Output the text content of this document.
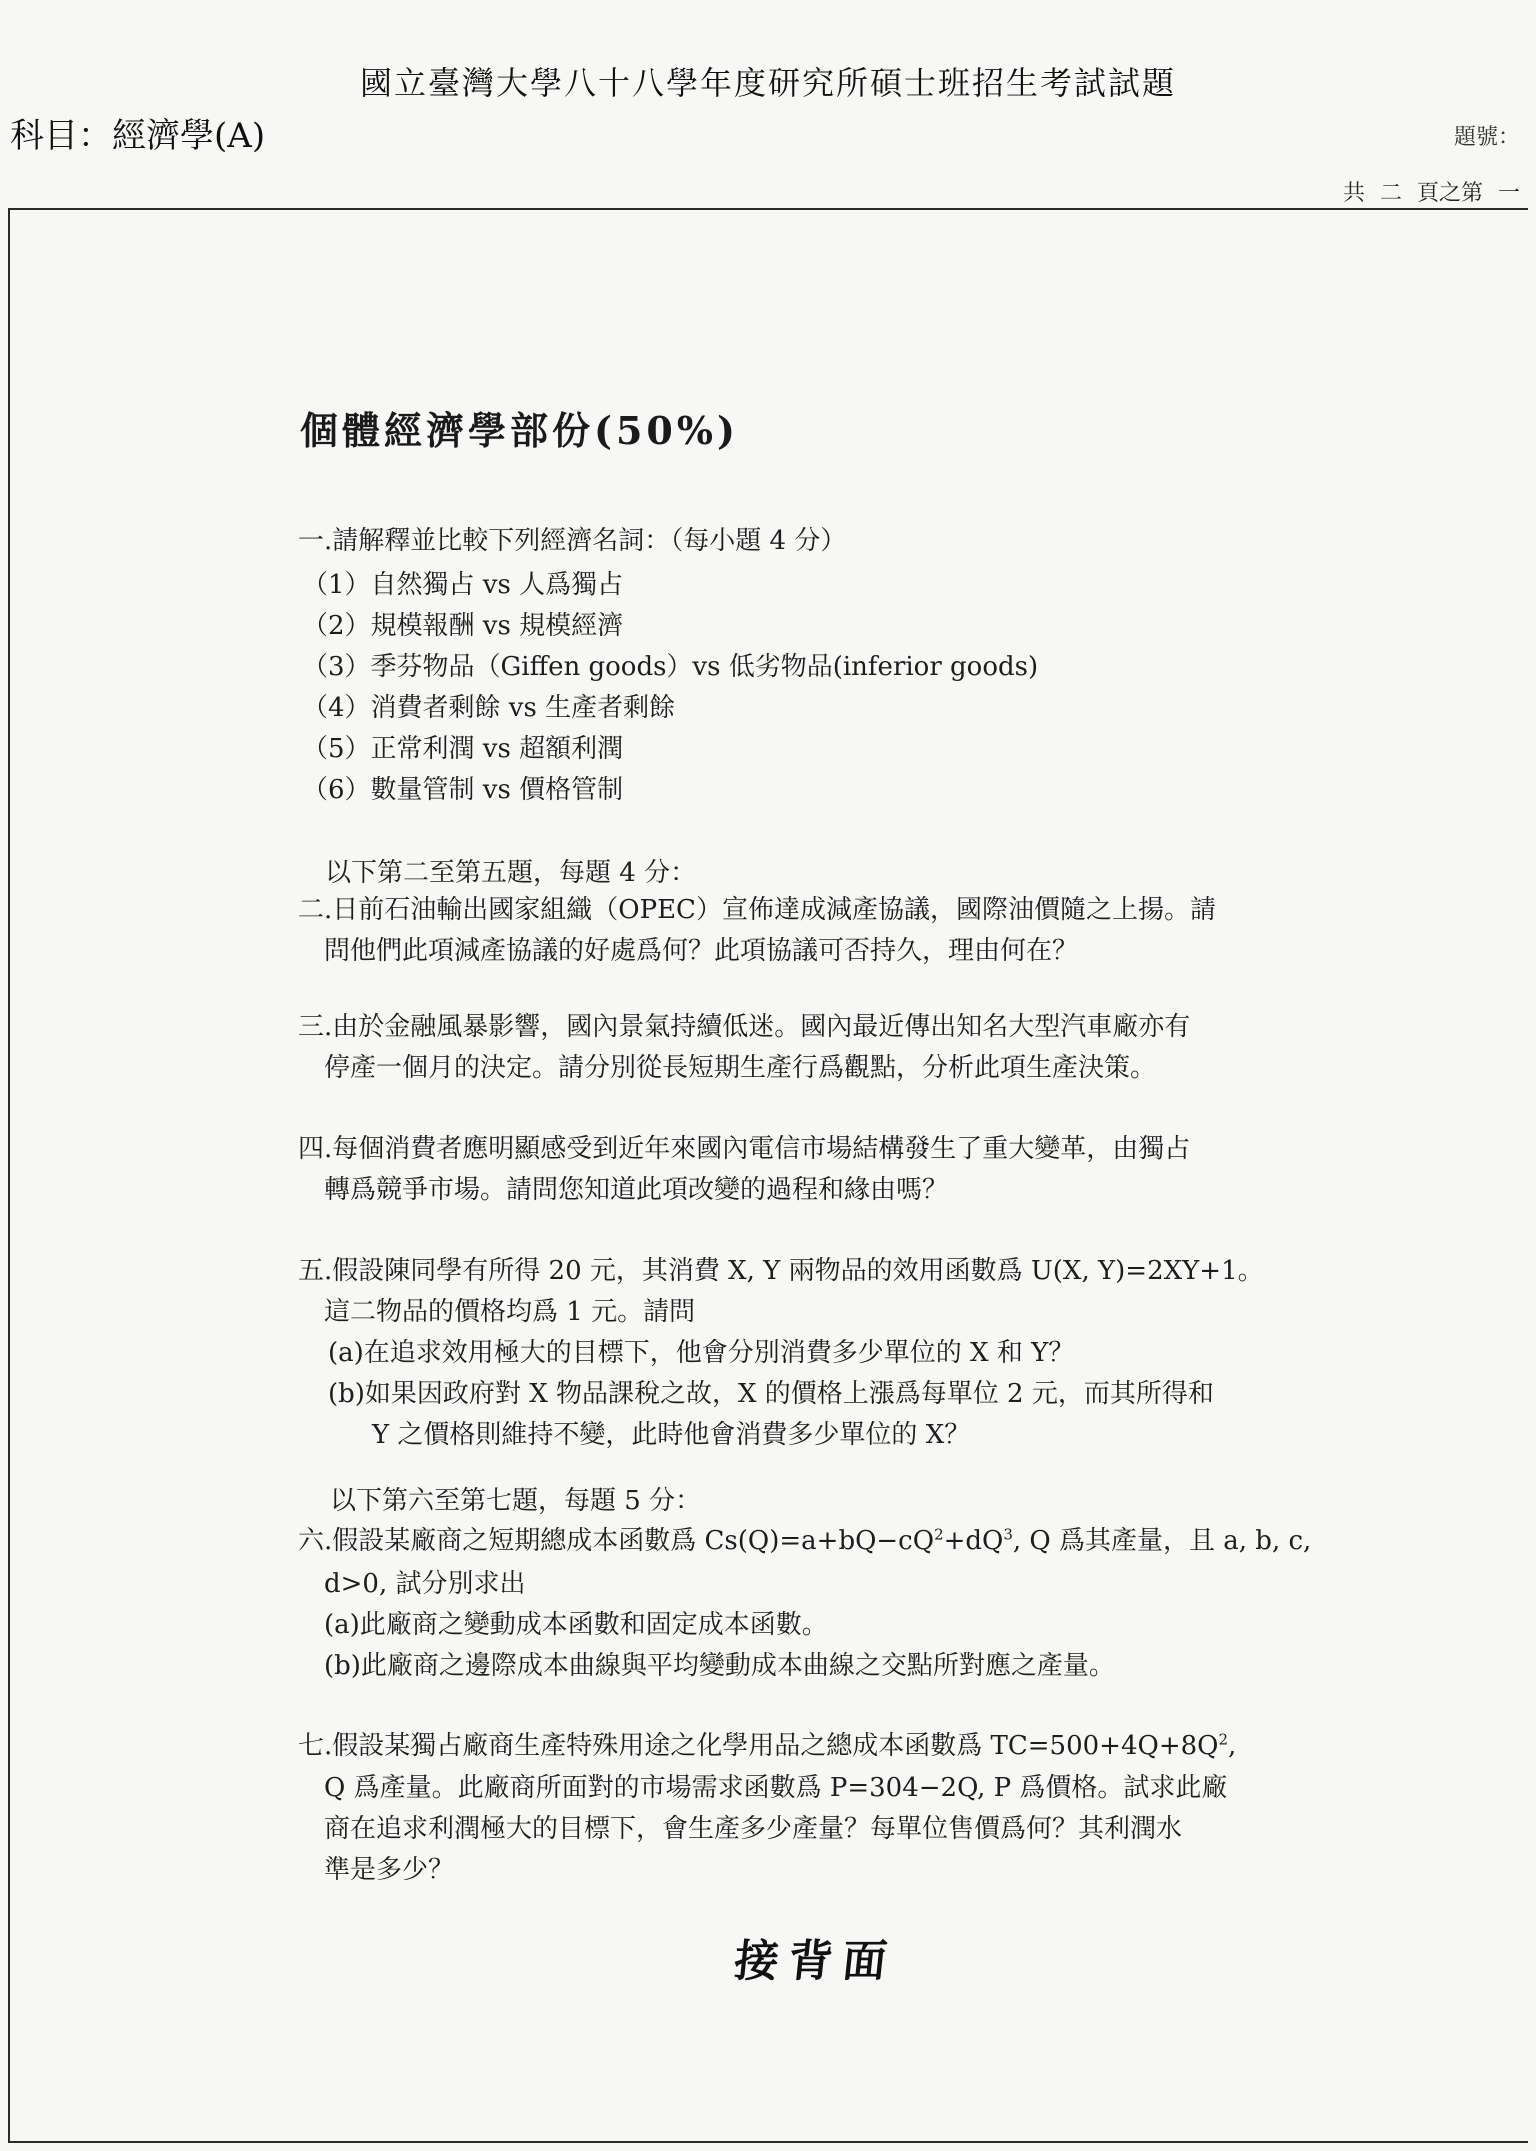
國立臺灣大學八十八學年度研究所碩士班招生考試試題
科目：經濟學(A)	題號：
共 二 頁之第 一
個體經濟學部份(50%)
一.請解釋並比較下列經濟名詞：（每小題 4 分）
（1）自然獨占 vs 人爲獨占
（2）規模報酬 vs 規模經濟
（3）季芬物品（Giffen goods）vs 低劣物品(inferior goods)
（4）消費者剩餘 vs 生產者剩餘
（5）正常利潤 vs 超額利潤
（6）數量管制 vs 價格管制
以下第二至第五題，每題 4 分：
二.日前石油輸出國家組織（OPEC）宣佈達成減產協議，國際油價隨之上揚。請
問他們此項減產協議的好處爲何？此項協議可否持久，理由何在？
三.由於金融風暴影響，國內景氣持續低迷。國內最近傳出知名大型汽車廠亦有
停產一個月的決定。請分別從長短期生產行爲觀點，分析此項生產決策。
四.每個消費者應明顯感受到近年來國內電信市場結構發生了重大變革，由獨占
轉爲競爭市場。請問您知道此項改變的過程和緣由嗎？
五.假設陳同學有所得 20 元，其消費 X, Y 兩物品的效用函數爲 U(X, Y)=2XY+1。
這二物品的價格均爲 1 元。請問
(a)在追求效用極大的目標下，他會分別消費多少單位的 X 和 Y？
(b)如果因政府對 X 物品課稅之故，X 的價格上漲爲每單位 2 元，而其所得和
Y 之價格則維持不變，此時他會消費多少單位的 X？
以下第六至第七題，每題 5 分：
六.假設某廠商之短期總成本函數爲 $Cs(Q)=a+bQ-cQ^2+dQ^3$, Q 爲其產量，且 a, b, c,
d>0, 試分別求出
(a)此廠商之變動成本函數和固定成本函數。
(b)此廠商之邊際成本曲線與平均變動成本曲線之交點所對應之產量。
七.假設某獨占廠商生產特殊用途之化學用品之總成本函數爲 $TC=500+4Q+8Q^2$,
Q 爲產量。此廠商所面對的市場需求函數爲 P=304−2Q, P 爲價格。試求此廠
商在追求利潤極大的目標下，會生產多少產量？每單位售價爲何？其利潤水
準是多少？
接背面
